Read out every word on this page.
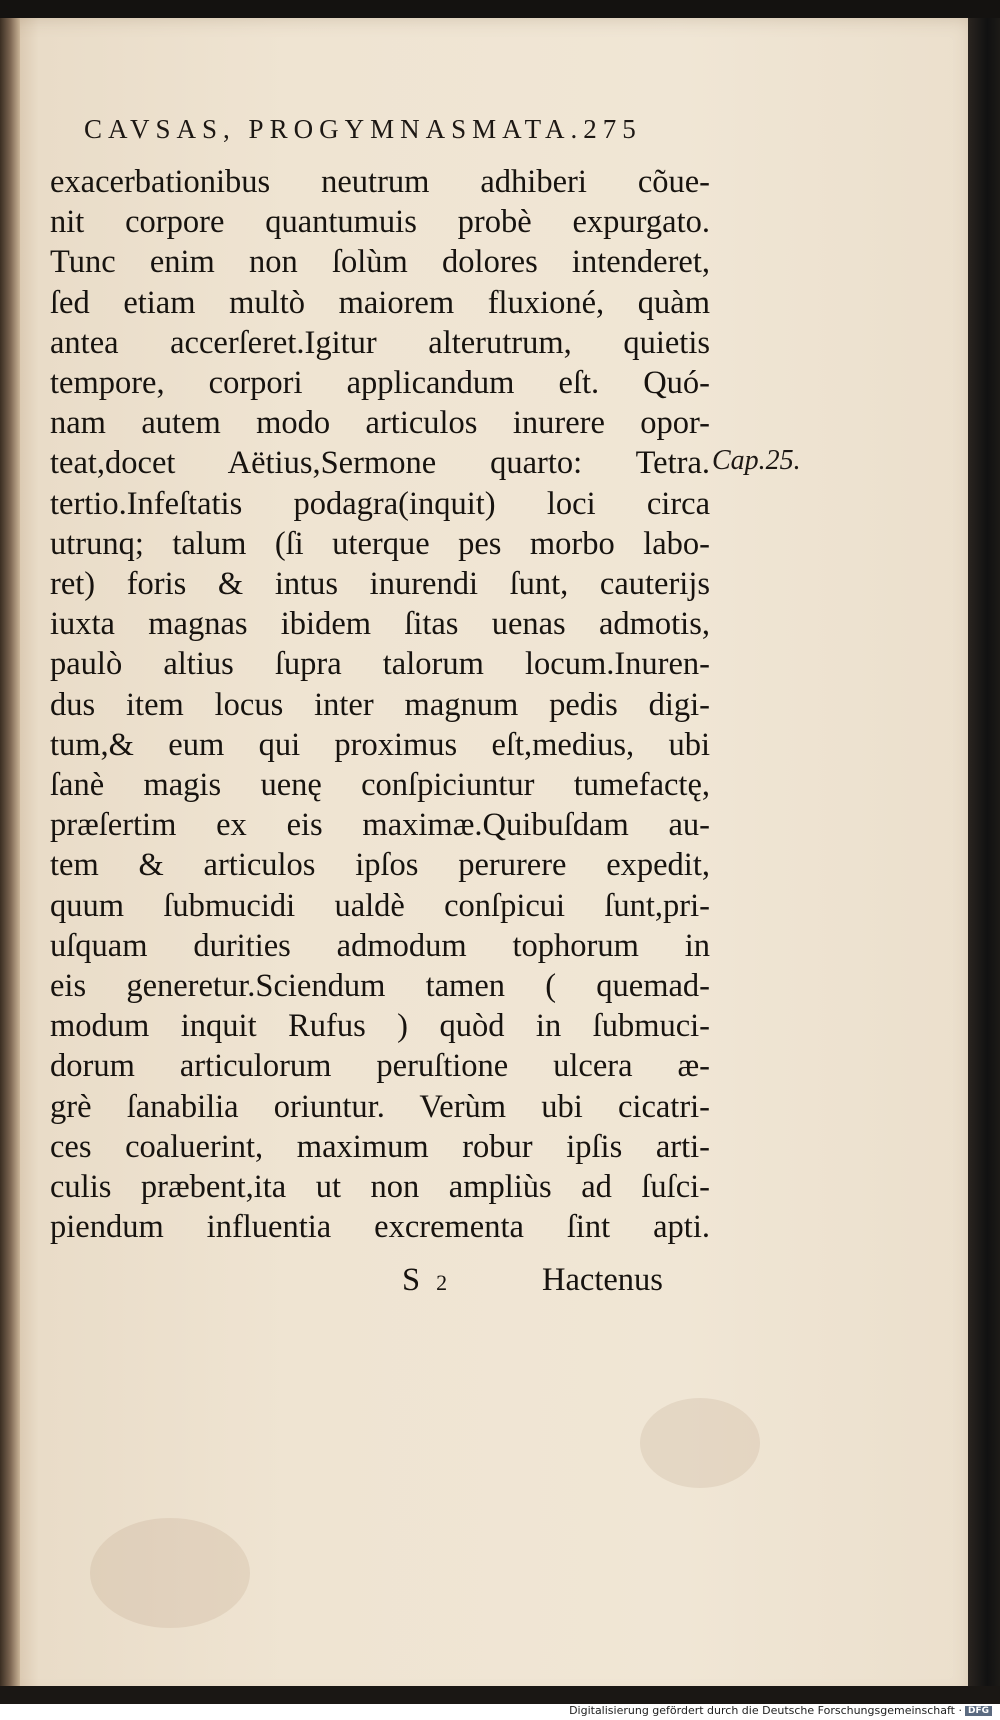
CAVSAS, PROGYMNASMATA.275
exacerbationibus neutrum adhiberi cõue-
nit corpore quantumuis probè expurgato.
Tunc enim non ſolùm dolores intenderet,
ſed etiam multò maiorem fluxioné, quàm
antea accerſeret.Igitur alterutrum, quietis
tempore, corpori applicandum eſt. Quó-
nam autem modo articulos inurere opor-
teat,docet Aëtius,Sermone quarto: Tetra.
tertio.Infeſtatis podagra(inquit) loci circa
utrunq; talum (ſi uterque pes morbo labo-
ret) foris & intus inurendi ſunt, cauterijs
iuxta magnas ibidem ſitas uenas admotis,
paulò altius ſupra talorum locum.Inuren-
dus item locus inter magnum pedis digi-
tum,& eum qui proximus eſt,medius, ubi
ſanè magis uenę conſpiciuntur tumefactę,
præſertim ex eis maximæ.Quibuſdam au-
tem & articulos ipſos perurere expedit,
quum ſubmucidi ualdè conſpicui ſunt,pri-
uſquam durities admodum tophorum in
eis generetur.Sciendum tamen ( quemad-
modum inquit Rufus ) quòd in ſubmuci-
dorum articulorum peruſtione ulcera æ-
grè ſanabilia oriuntur. Verùm ubi cicatri-
ces coaluerint, maximum robur ipſis arti-
culis præbent,ita ut non ampliùs ad ſuſci-
piendum influentia excrementa ſint apti.
Cap.25.
S 2	Hactenus
Digitalisierung gefördert durch die Deutsche Forschungsgemeinschaft · DFG
